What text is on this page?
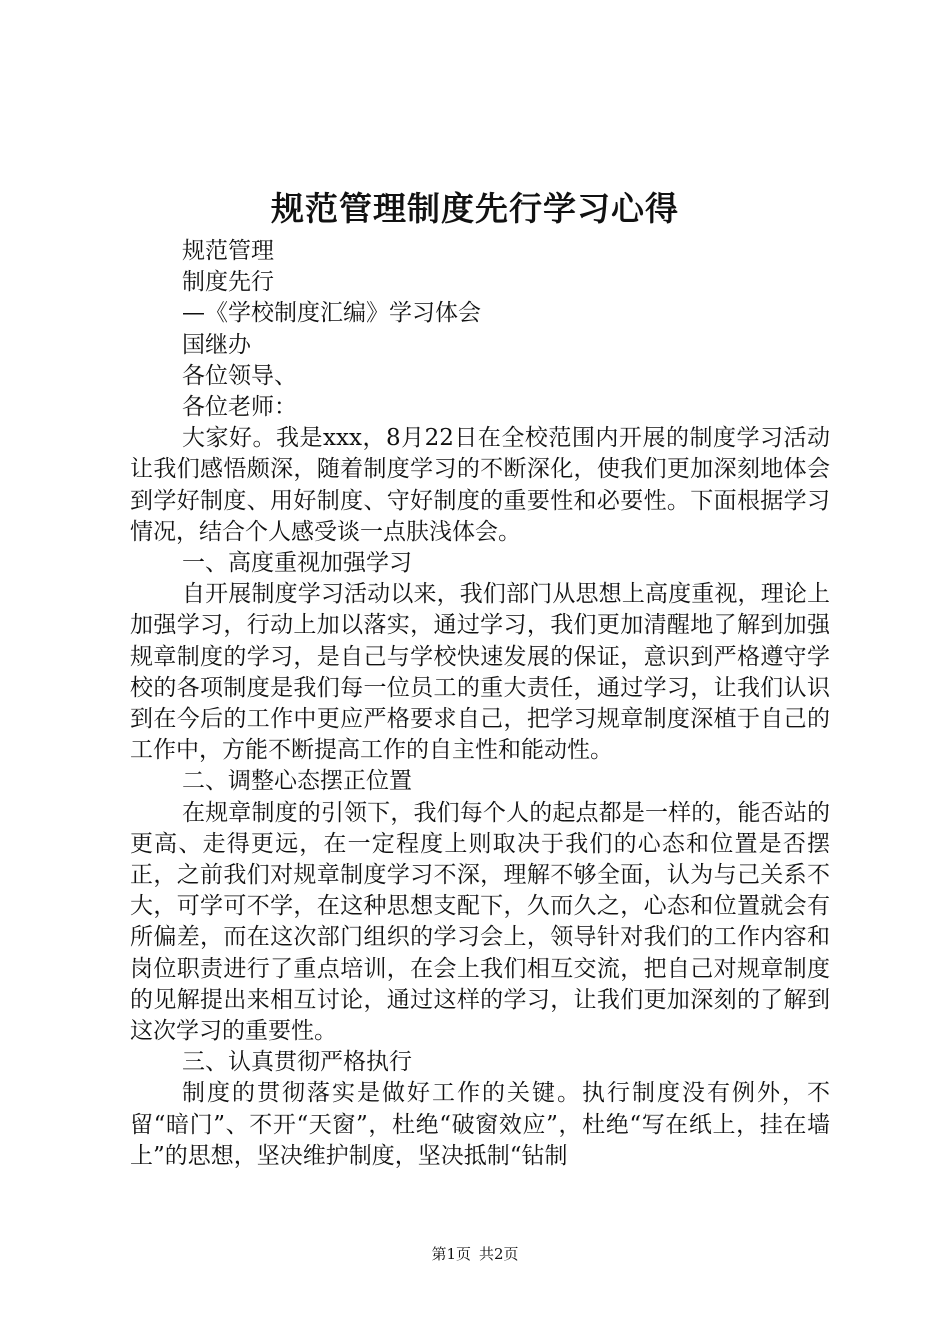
规范管理制度先行学习心得
规范管理
制度先行
—《学校制度汇编》学习体会
国继办
各位领导、
各位老师：
大家好。我是xxx，8月22日在全校范围内开展的制度学习活动让我们感悟颇深，随着制度学习的不断深化，使我们更加深刻地体会到学好制度、用好制度、守好制度的重要性和必要性。下面根据学习情况，结合个人感受谈一点肤浅体会。
一、高度重视加强学习
自开展制度学习活动以来，我们部门从思想上高度重视，理论上加强学习，行动上加以落实，通过学习，我们更加清醒地了解到加强规章制度的学习，是自己与学校快速发展的保证，意识到严格遵守学校的各项制度是我们每一位员工的重大责任，通过学习，让我们认识到在今后的工作中更应严格要求自己，把学习规章制度深植于自己的工作中，方能不断提高工作的自主性和能动性。
二、调整心态摆正位置
在规章制度的引领下，我们每个人的起点都是一样的，能否站的更高、走得更远，在一定程度上则取决于我们的心态和位置是否摆正，之前我们对规章制度学习不深，理解不够全面，认为与己关系不大，可学可不学，在这种思想支配下，久而久之，心态和位置就会有所偏差，而在这次部门组织的学习会上，领导针对我们的工作内容和岗位职责进行了重点培训，在会上我们相互交流，把自己对规章制度的见解提出来相互讨论，通过这样的学习，让我们更加深刻的了解到这次学习的重要性。
三、认真贯彻严格执行
制度的贯彻落实是做好工作的关键。执行制度没有例外，不留“暗门”、不开“天窗”，杜绝“破窗效应”，杜绝“写在纸上，挂在墙上”的思想，坚决维护制度，坚决抵制“钻制
第1页 共2页
